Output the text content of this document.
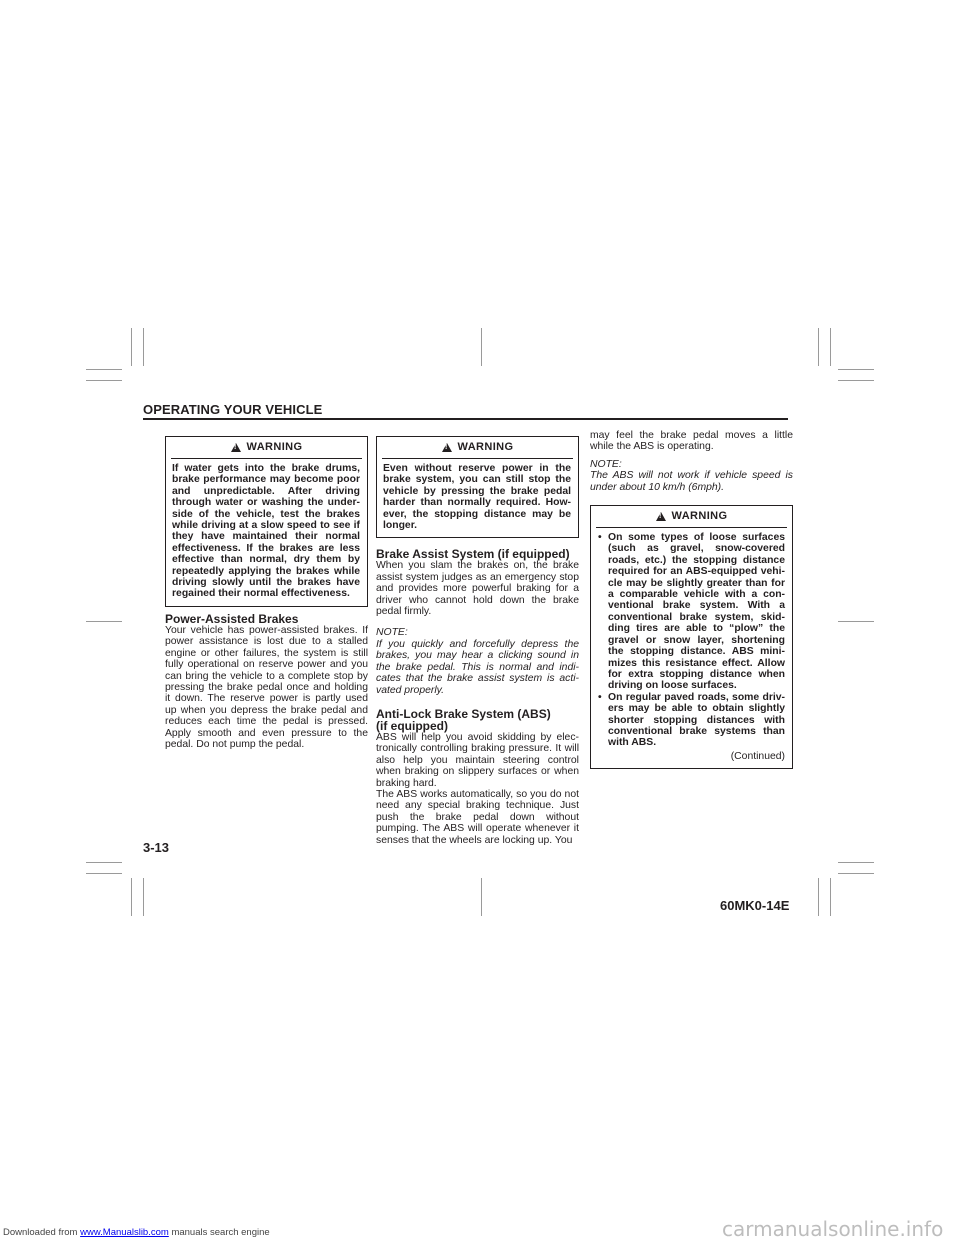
OPERATING YOUR VEHICLE
!
WARNING
If water gets into the brake drums, brake performance may become poor and unpredictable. After driving through water or washing the under-side of the vehicle, test the brakes while driving at a slow speed to see if they have maintained their normal effectiveness. If the brakes are less effective than normal, dry them by repeatedly applying the brakes while driving slowly until the brakes have regained their normal effectiveness.
Power-Assisted Brakes

Your vehicle has power-assisted brakes. If power assistance is lost due to a stalled engine or other failures, the system is still fully operational on reserve power and you can bring the vehicle to a complete stop by pressing the brake pedal once and holding it down. The reserve power is partly used up when you depress the brake pedal and reduces each time the pedal is pressed. Apply smooth and even pressure to the pedal. Do not pump the pedal.

!
WARNING
Even without reserve power in the brake system, you can still stop the vehicle by pressing the brake pedal harder than normally required. How-ever, the stopping distance may be longer.
Brake Assist System (if equipped)

When you slam the brakes on, the brake assist system judges as an emergency stop and provides more powerful braking for a driver who cannot hold down the brake pedal firmly.

NOTE:
If you quickly and forcefully depress the brakes, you may hear a clicking sound in the brake pedal. This is normal and indi-cates that the brake assist system is acti-vated properly.
Anti-Lock Brake System (ABS)
(if equipped)

ABS will help you avoid skidding by elec-tronically controlling braking pressure. It will also help you maintain steering control when braking on slippery surfaces or when braking hard.

The ABS works automatically, so you do not need any special braking technique. Just push the brake pedal down without pumping. The ABS will operate whenever it senses that the wheels are locking up. You

may feel the brake pedal moves a little while the ABS is operating.

NOTE:
The ABS will not work if vehicle speed is under about 10 km/h (6mph).
!
WARNING
• On some types of loose surfaces (such as gravel, snow-covered roads, etc.) the stopping distance required for an ABS-equipped vehi-cle may be slightly greater than for a comparable vehicle with a con-ventional brake system. With a conventional brake system, skid-ding tires are able to “plow” the gravel or snow layer, shortening the stopping distance. ABS mini-mizes this resistance effect. Allow for extra stopping distance when driving on loose surfaces.
• On regular paved roads, some driv-ers may be able to obtain slightly shorter stopping distances with conventional brake systems than with ABS.
(Continued)
3-13
60MK0-14E
Downloaded from www.Manualslib.com manuals search engine	carmanualsonline.info
